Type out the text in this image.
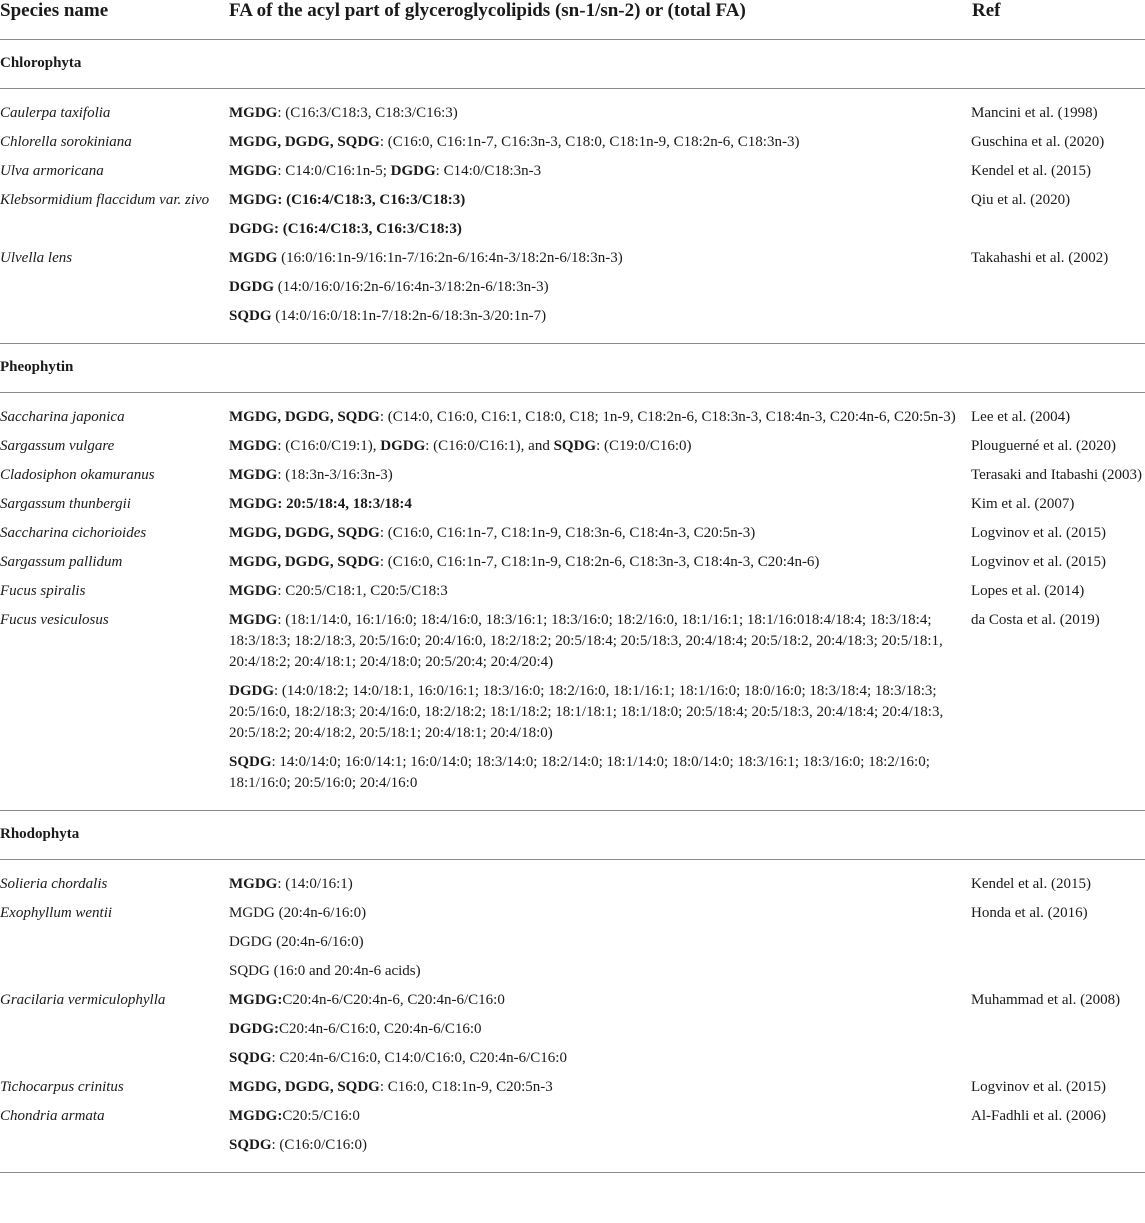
Species name	FA of the acyl part of glyceroglycolipids (sn-1/sn-2) or (total FA)	Ref
Chlorophyta		

Caulerpa taxifolia	MGDG: (C16:3/C18:3, C18:3/C16:3)	Mancini et al. (1998)
Chlorella sorokiniana	MGDG, DGDG, SQDG: (C16:0, C16:1n-7, C16:3n-3, C18:0, C18:1n-9, C18:2n-6, C18:3n-3)	Guschina et al. (2020)
Ulva armoricana	MGDG: C14:0/C16:1n-5; DGDG: C14:0/C18:3n-3	Kendel et al. (2015)
Klebsormidium flaccidum var. zivo	MGDG: (C16:4/C18:3, C16:3/C18:3)	Qiu et al. (2020)
	DGDG: (C16:4/C18:3, C16:3/C18:3)	
Ulvella lens	MGDG (16:0/16:1n-9/16:1n-7/16:2n-6/16:4n-3/18:2n-6/18:3n-3)	Takahashi et al. (2002)
	DGDG (14:0/16:0/16:2n-6/16:4n-3/18:2n-6/18:3n-3)	
	SQDG (14:0/16:0/18:1n-7/18:2n-6/18:3n-3/20:1n-7)	

Pheophytin		

Saccharina japonica	MGDG, DGDG, SQDG: (C14:0, C16:0, C16:1, C18:0, C18; 1n-9, C18:2n-6, C18:3n-3, C18:4n-3, C20:4n-6, C20:5n-3)	Lee et al. (2004)
Sargassum vulgare	MGDG: (C16:0/C19:1), DGDG: (C16:0/C16:1), and SQDG: (C19:0/C16:0)	Plouguerné et al. (2020)
Cladosiphon okamuranus	MGDG: (18:3n-3/16:3n-3)	Terasaki and Itabashi (2003)
Sargassum thunbergii	MGDG: 20:5/18:4, 18:3/18:4	Kim et al. (2007)
Saccharina cichorioides	MGDG, DGDG, SQDG: (C16:0, C16:1n-7, C18:1n-9, C18:3n-6, C18:4n-3, C20:5n-3)	Logvinov et al. (2015)
Sargassum pallidum	MGDG, DGDG, SQDG: (C16:0, C16:1n-7, C18:1n-9, C18:2n-6, C18:3n-3, C18:4n-3, C20:4n-6)	Logvinov et al. (2015)
Fucus spiralis	MGDG: C20:5/C18:1, C20:5/C18:3	Lopes et al. (2014)
Fucus vesiculosus	MGDG: (18:1/14:0, 16:1/16:0; 18:4/16:0, 18:3/16:1; 18:3/16:0; 18:2/16:0, 18:1/16:1; 18:1/16:018:4/18:4; 18:3/18:4; 18:3/18:3; 18:2/18:3, 20:5/16:0; 20:4/16:0, 18:2/18:2; 20:5/18:4; 20:5/18:3, 20:4/18:4; 20:5/18:2, 20:4/18:3; 20:5/18:1, 20:4/18:2; 20:4/18:1; 20:4/18:0; 20:5/20:4; 20:4/20:4)	da Costa et al. (2019)
	DGDG: (14:0/18:2; 14:0/18:1, 16:0/16:1; 18:3/16:0; 18:2/16:0, 18:1/16:1; 18:1/16:0; 18:0/16:0; 18:3/18:4; 18:3/18:3; 20:5/16:0, 18:2/18:3; 20:4/16:0, 18:2/18:2; 18:1/18:2; 18:1/18:1; 18:1/18:0; 20:5/18:4; 20:5/18:3, 20:4/18:4; 20:4/18:3, 20:5/18:2; 20:4/18:2, 20:5/18:1; 20:4/18:1; 20:4/18:0)	
	SQDG: 14:0/14:0; 16:0/14:1; 16:0/14:0; 18:3/14:0; 18:2/14:0; 18:1/14:0; 18:0/14:0; 18:3/16:1; 18:3/16:0; 18:2/16:0; 18:1/16:0; 20:5/16:0; 20:4/16:0	

Rhodophyta		

Solieria chordalis	MGDG: (14:0/16:1)	Kendel et al. (2015)
Exophyllum wentii	MGDG (20:4n-6/16:0)	Honda et al. (2016)
	DGDG (20:4n-6/16:0)	
	SQDG (16:0 and 20:4n-6 acids)	
Gracilaria vermiculophylla	MGDG:C20:4n-6/C20:4n-6, C20:4n-6/C16:0	Muhammad et al. (2008)
	DGDG:C20:4n-6/C16:0, C20:4n-6/C16:0	
	SQDG: C20:4n-6/C16:0, C14:0/C16:0, C20:4n-6/C16:0	
Tichocarpus crinitus	MGDG, DGDG, SQDG: C16:0, C18:1n-9, C20:5n-3	Logvinov et al. (2015)
Chondria armata	MGDG:C20:5/C16:0	Al-Fadhli et al. (2006)
	SQDG: (C16:0/C16:0)	
